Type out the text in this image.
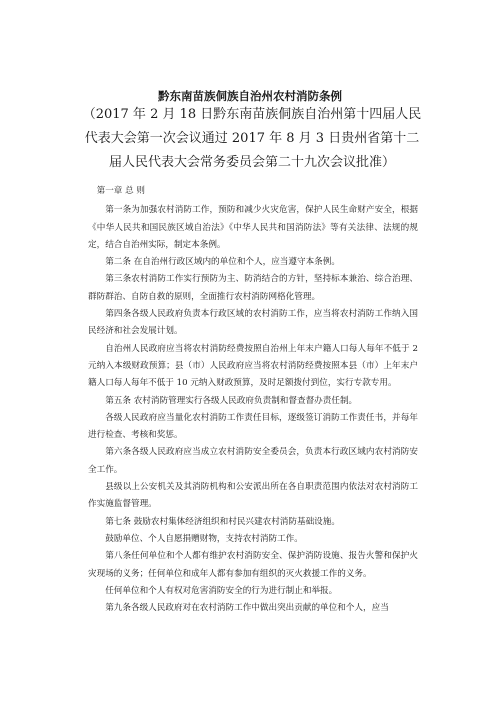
黔东南苗族侗族自治州农村消防条例
（2017 年 2 月 18 日黔东南苗族侗族自治州第十四届人民代表大会第一次会议通过 2017 年 8 月 3 日贵州省第十二届人民代表大会常务委员会第二十九次会议批准）

第一章 总 则

第一条为加强农村消防工作，预防和减少火灾危害，保护人民生命财产安全，根据《中华人民共和国民族区域自治法》《中华人民共和国消防法》等有关法律、法规的规定，结合自治州实际，制定本条例。

第二条 在自治州行政区域内的单位和个人，应当遵守本条例。

第三条农村消防工作实行预防为主、防消结合的方针，坚持标本兼治、综合治理、群防群治、自防自救的原则，全面推行农村消防网格化管理。

第四条各级人民政府负责本行政区域的农村消防工作，应当将农村消防工作纳入国民经济和社会发展计划。

自治州人民政府应当将农村消防经费按照自治州上年末户籍人口每人每年不低于 2 元纳入本级财政预算；县（市）人民政府应当将农村消防经费按照本县（市）上年末户籍人口每人每年不低于 10 元纳入财政预算，及时足额拨付到位，实行专款专用。

第五条 农村消防管理实行各级人民政府负责制和督查督办责任制。

各级人民政府应当量化农村消防工作责任目标，逐级签订消防工作责任书，并每年进行检查、考核和奖惩。

第六条各级人民政府应当成立农村消防安全委员会，负责本行政区域内农村消防安全工作。

县级以上公安机关及其消防机构和公安派出所在各自职责范围内依法对农村消防工作实施监督管理。

第七条 鼓励农村集体经济组织和村民兴建农村消防基础设施。

鼓励单位、个人自愿捐赠财物，支持农村消防工作。

第八条任何单位和个人都有维护农村消防安全、保护消防设施、报告火警和保护火灾现场的义务；任何单位和成年人都有参加有组织的灭火救援工作的义务。

任何单位和个人有权对危害消防安全的行为进行制止和举报。

第九条各级人民政府对在农村消防工作中做出突出贡献的单位和个人，应当
